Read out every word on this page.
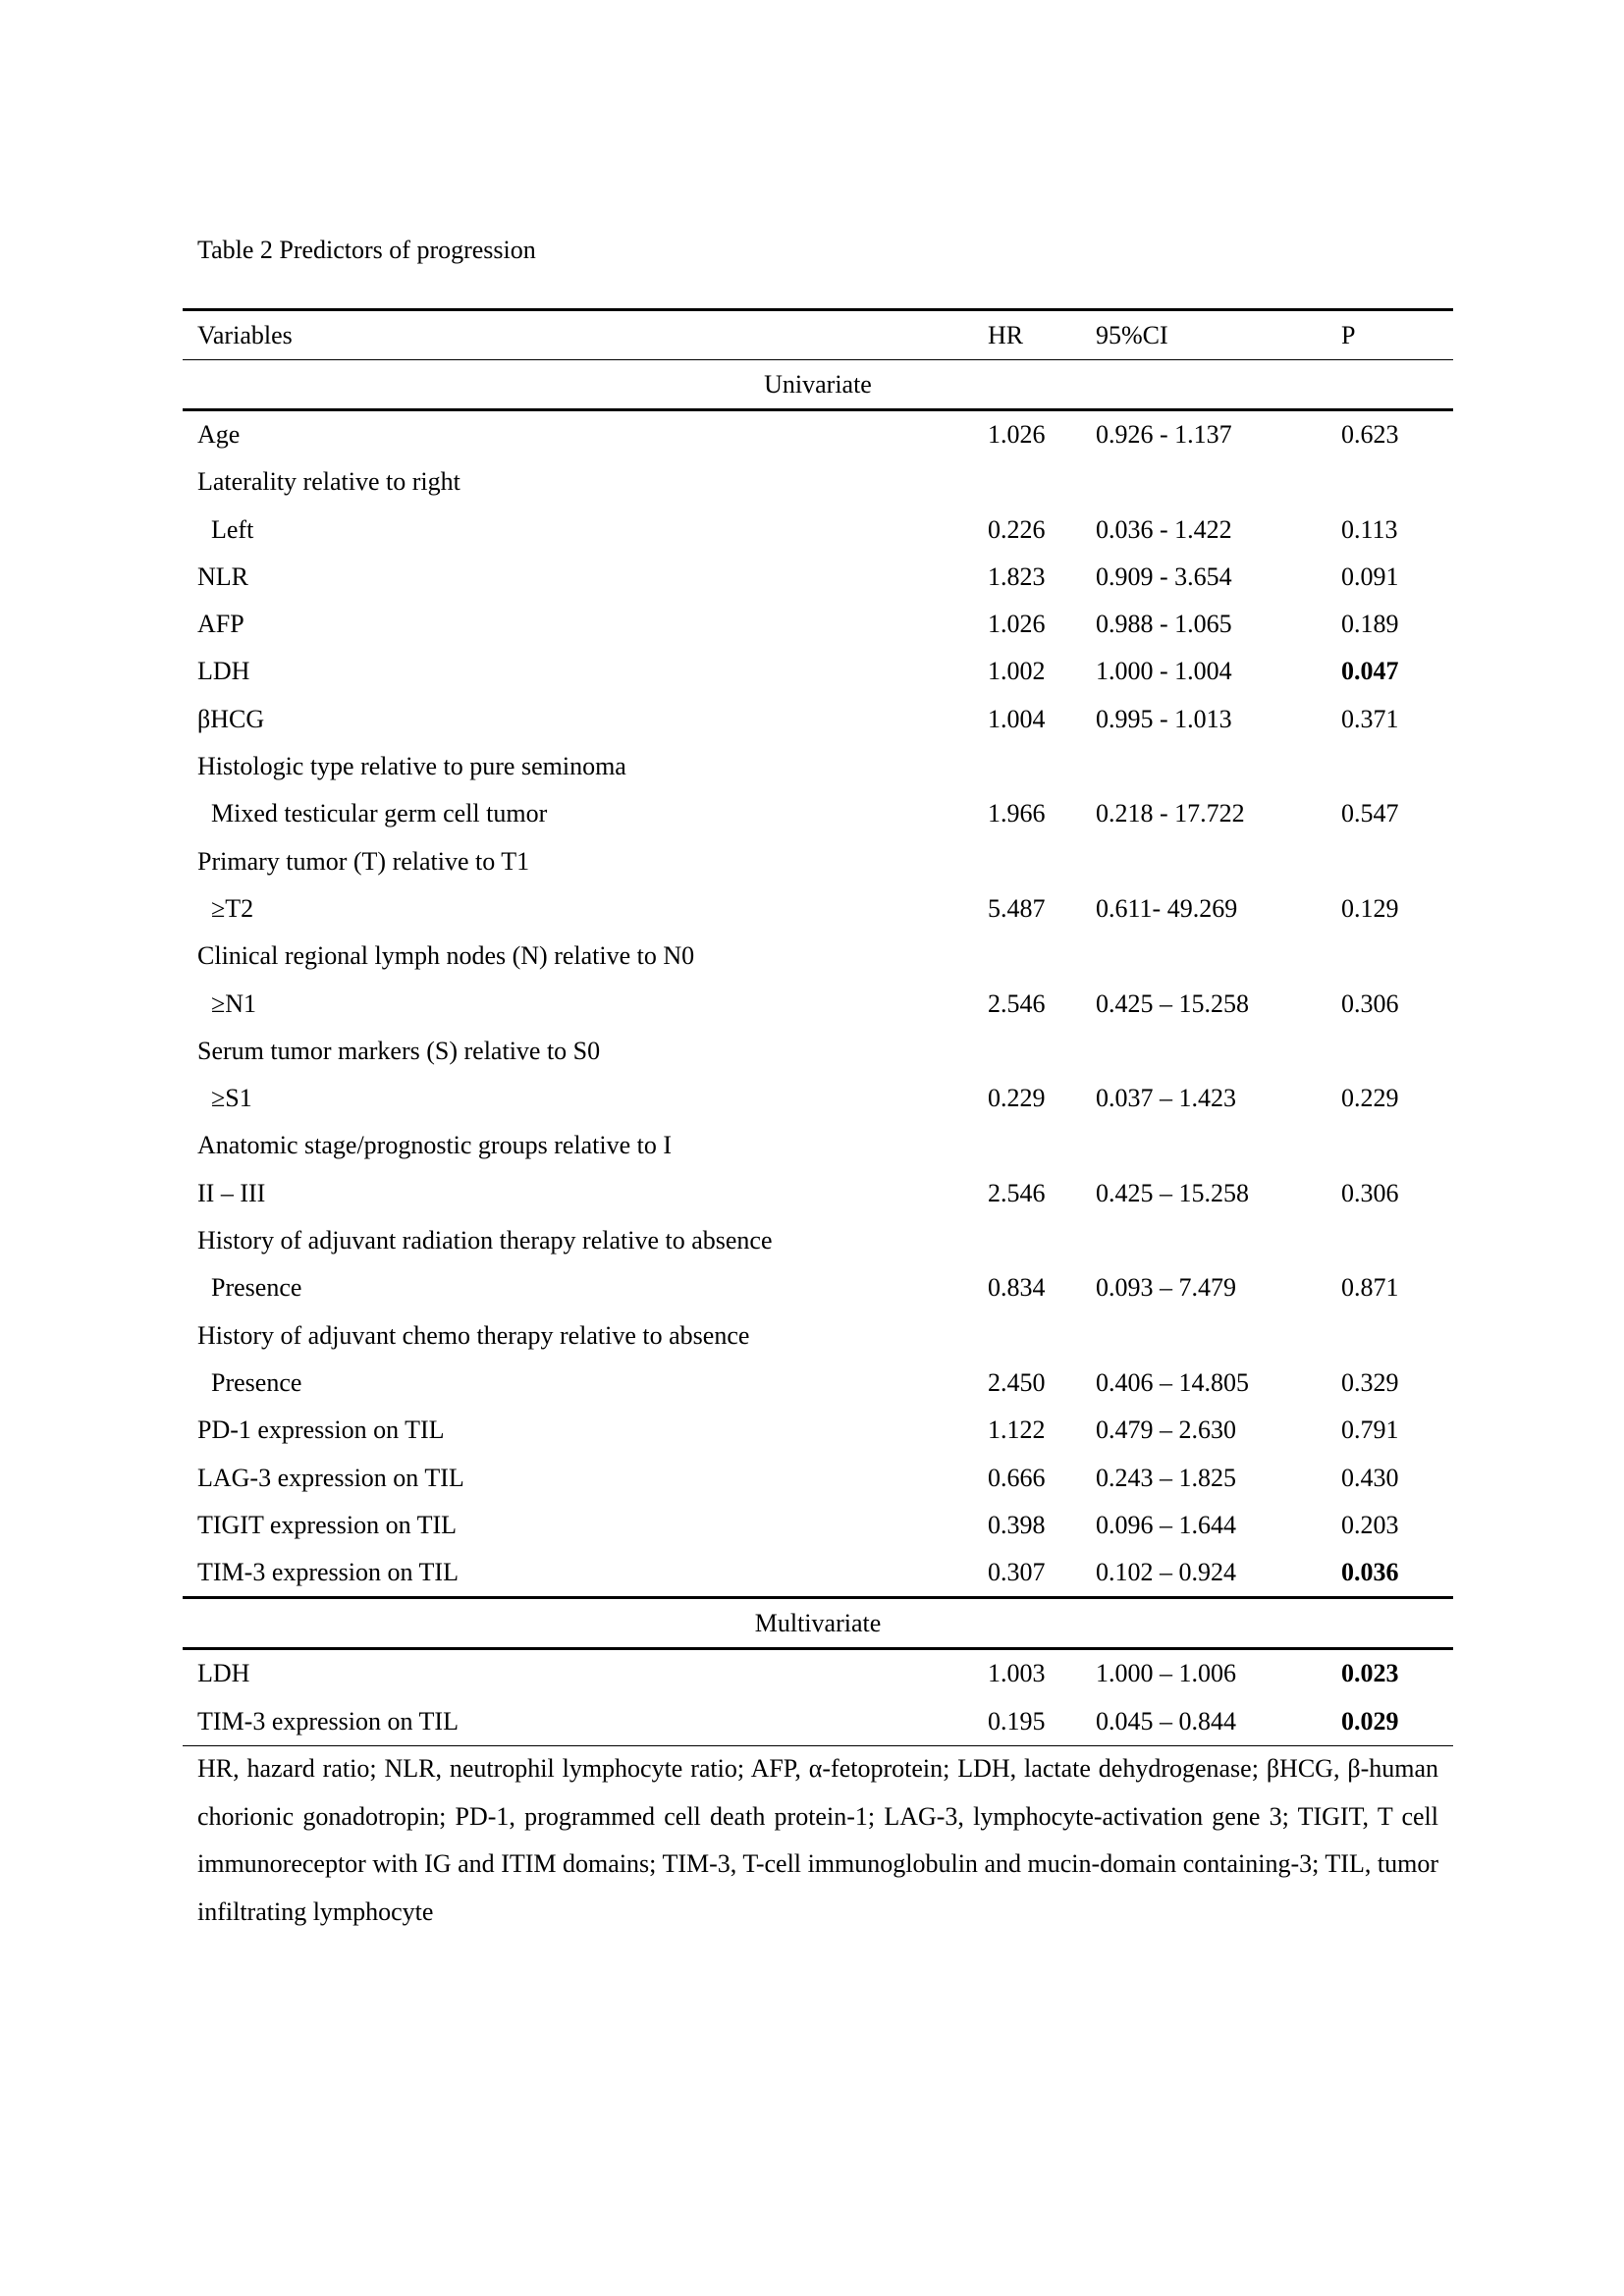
Table 2 Predictors of progression
Variables	HR	95%CI	P
Univariate			
Age	1.026	0.926 - 1.137	0.623
Laterality relative to right			
Left	0.226	0.036 - 1.422	0.113
NLR	1.823	0.909 - 3.654	0.091
AFP	1.026	0.988 - 1.065	0.189
LDH	1.002	1.000 - 1.004	0.047
βHCG	1.004	0.995 - 1.013	0.371
Histologic type relative to pure seminoma			
Mixed testicular germ cell tumor	1.966	0.218 - 17.722	0.547
Primary tumor (T) relative to T1			
≥T2	5.487	0.611- 49.269	0.129
Clinical regional lymph nodes (N) relative to N0			
≥N1	2.546	0.425 – 15.258	0.306
Serum tumor markers (S) relative to S0			
≥S1	0.229	0.037 – 1.423	0.229
Anatomic stage/prognostic groups relative to I			
II – III	2.546	0.425 – 15.258	0.306
History of adjuvant radiation therapy relative to absence			
Presence	0.834	0.093 – 7.479	0.871
History of adjuvant chemo therapy relative to absence			
Presence	2.450	0.406 – 14.805	0.329
PD-1 expression on TIL	1.122	0.479 – 2.630	0.791
LAG-3 expression on TIL	0.666	0.243 – 1.825	0.430
TIGIT expression on TIL	0.398	0.096 – 1.644	0.203
TIM-3 expression on TIL	0.307	0.102 – 0.924	0.036
Multivariate			
LDH	1.003	1.000 – 1.006	0.023
TIM-3 expression on TIL	0.195	0.045 – 0.844	0.029

HR, hazard ratio; NLR, neutrophil lymphocyte ratio; AFP, α-fetoprotein; LDH, lactate dehydrogenase; βHCG, β-human chorionic gonadotropin; PD-1, programmed cell death protein-1; LAG-3, lymphocyte-activation gene 3; TIGIT, T cell immunoreceptor with IG and ITIM domains; TIM-3, T-cell immunoglobulin and mucin-domain containing-3; TIL, tumor infiltrating lymphocyte
